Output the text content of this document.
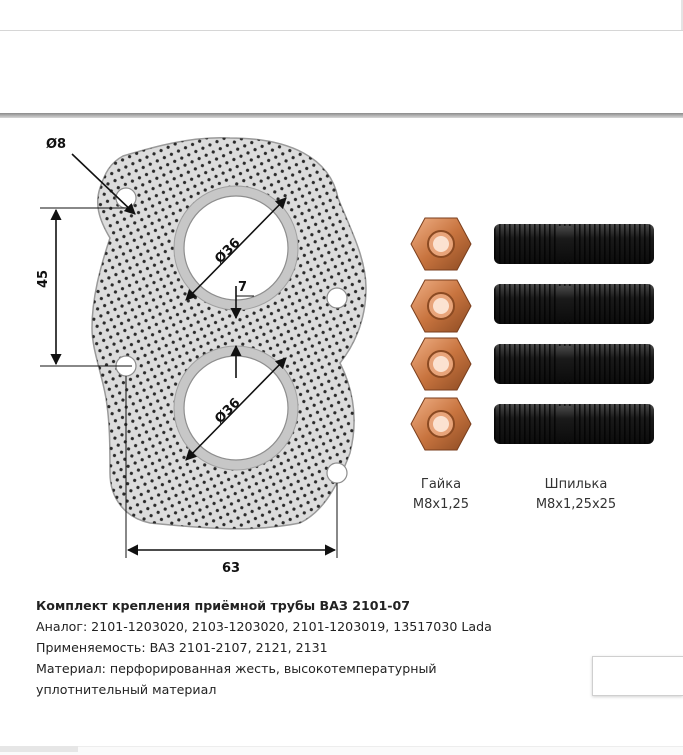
Ø8
45
Ø36
7
Ø36
63
Гайка
M8x1,25
Шпилька
M8x1,25x25
Комплект крепления приёмной трубы ВАЗ 2101-07
Аналог: 2101-1203020, 2103-1203020, 2101-1203019, 13517030 Lada
Применяемость: ВАЗ 2101-2107, 2121, 2131
Материал: перфорированная жесть, высокотемпературный
уплотнительный материал
